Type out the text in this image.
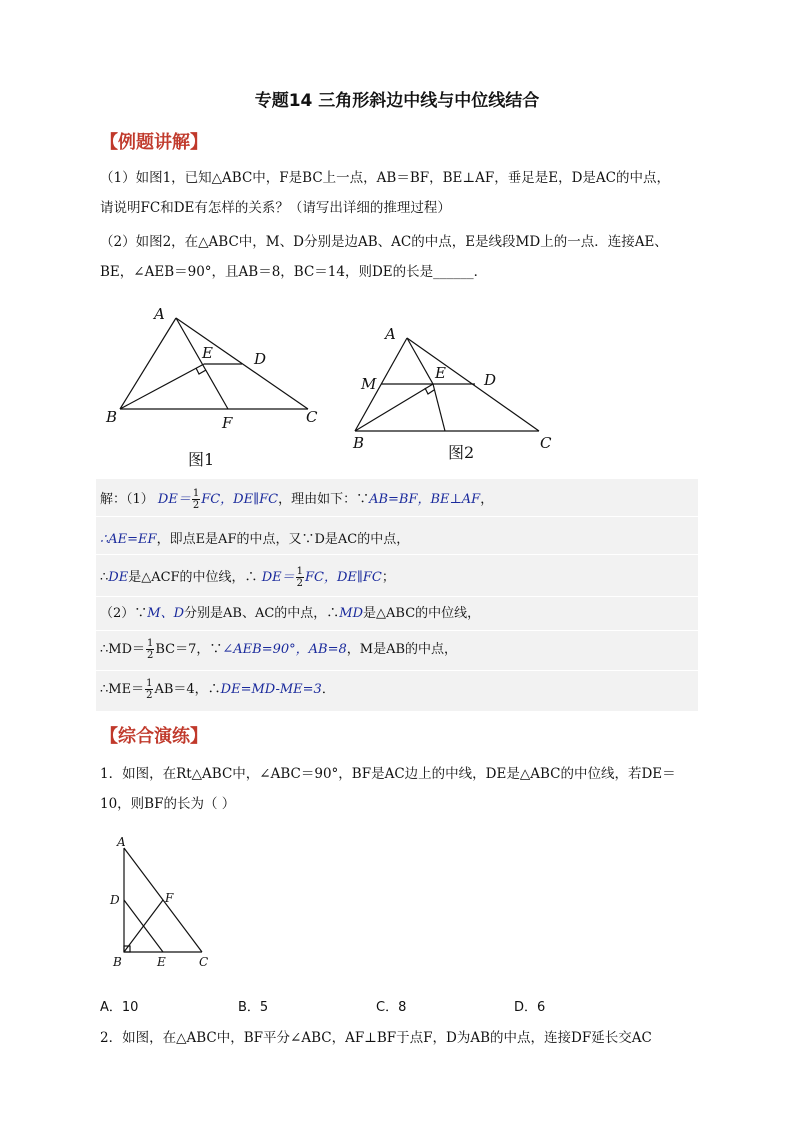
专题14 三角形斜边中线与中位线结合
【例题讲解】
（1）如图1，已知△ABC中，F是BC上一点，AB＝BF，BE⊥AF，垂足是E，D是AC的中点，
请说明FC和DE有怎样的关系？（请写出详细的推理过程）
（2）如图2，在△ABC中，M、D分别是边AB、AC的中点，E是线段MD上的一点．连接AE、
BE，∠AEB＝90°，且AB＝8，BC＝14，则DE的长是______．
A
B	C
D
E
F
图1
A
M
E	D
B	C
图2
解：（1） $DE= \frac{1}{2}$ FC，DE∥FC，理由如下：∵AB=BF，BE⊥AF，
∴AE=EF，即点E是AF的中点，又∵D是AC的中点，
∴DE是△ACF的中位线，∴ $DE= \frac{1}{2}$ FC，DE∥FC；
（2）∵M、D分别是AB、AC的中点，∴MD是△ABC的中位线，
∴MD＝ $\frac{1}{2} BC=7$，∵∠AEB=90°，AB=8，M是AB的中点，
∴ME＝ $\frac{1}{2} AB=4$，∴DE=MD-ME=3．
【综合演练】
1．如图，在Rt△ABC中，∠ABC＝90°，BF是AC边上的中线，DE是△ABC的中位线，若DE＝
10，则BF的长为（ ）
A
D	F
B	E	C
A．10	B．5	C．8	D．6
2．如图，在△ABC中，BF平分∠ABC，AF⊥BF于点F，D为AB的中点，连接DF延长交AC
